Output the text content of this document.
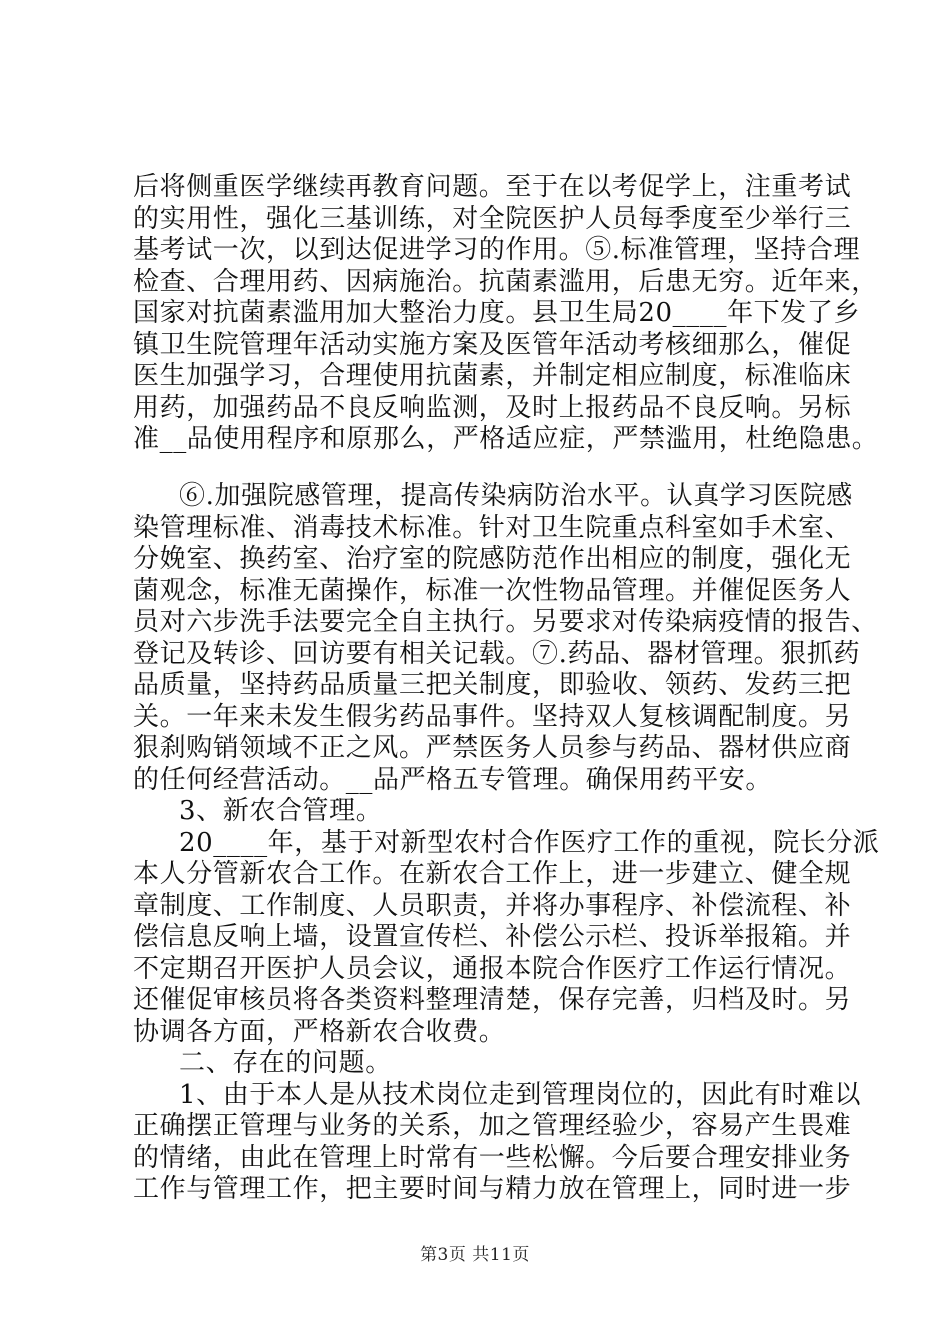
后将侧重医学继续再教育问题。至于在以考促学上，注重考试
的实用性，强化三基训练，对全院医护人员每季度至少举行三
基考试一次，以到达促进学习的作用。⑤.标准管理，坚持合理
检查、合理用药、因病施治。抗菌素滥用，后患无穷。近年来，
国家对抗菌素滥用加大整治力度。县卫生局20____年下发了乡
镇卫生院管理年活动实施方案及医管年活动考核细那么，催促
医生加强学习，合理使用抗菌素，并制定相应制度，标准临床
用药，加强药品不良反响监测，及时上报药品不良反响。另标
准__品使用程序和原那么，严格适应症，严禁滥用，杜绝隐患。
⑥.加强院感管理，提高传染病防治水平。认真学习医院感
染管理标准、消毒技术标准。针对卫生院重点科室如手术室、
分娩室、换药室、治疗室的院感防范作出相应的制度，强化无
菌观念，标准无菌操作，标准一次性物品管理。并催促医务人
员对六步洗手法要完全自主执行。另要求对传染病疫情的报告、
登记及转诊、回访要有相关记载。⑦.药品、器材管理。狠抓药
品质量，坚持药品质量三把关制度，即验收、领药、发药三把
关。一年来未发生假劣药品事件。坚持双人复核调配制度。另
狠刹购销领域不正之风。严禁医务人员参与药品、器材供应商
的任何经营活动。__品严格五专管理。确保用药平安。
3、新农合管理。
20____年，基于对新型农村合作医疗工作的重视，院长分派
本人分管新农合工作。在新农合工作上，进一步建立、健全规
章制度、工作制度、人员职责，并将办事程序、补偿流程、补
偿信息反响上墙，设置宣传栏、补偿公示栏、投诉举报箱。并
不定期召开医护人员会议，通报本院合作医疗工作运行情况。
还催促审核员将各类资料整理清楚，保存完善，归档及时。另
协调各方面，严格新农合收费。
二、存在的问题。
1、由于本人是从技术岗位走到管理岗位的，因此有时难以
正确摆正管理与业务的关系，加之管理经验少，容易产生畏难
的情绪，由此在管理上时常有一些松懈。今后要合理安排业务
工作与管理工作，把主要时间与精力放在管理上，同时进一步
第3页 共11页
